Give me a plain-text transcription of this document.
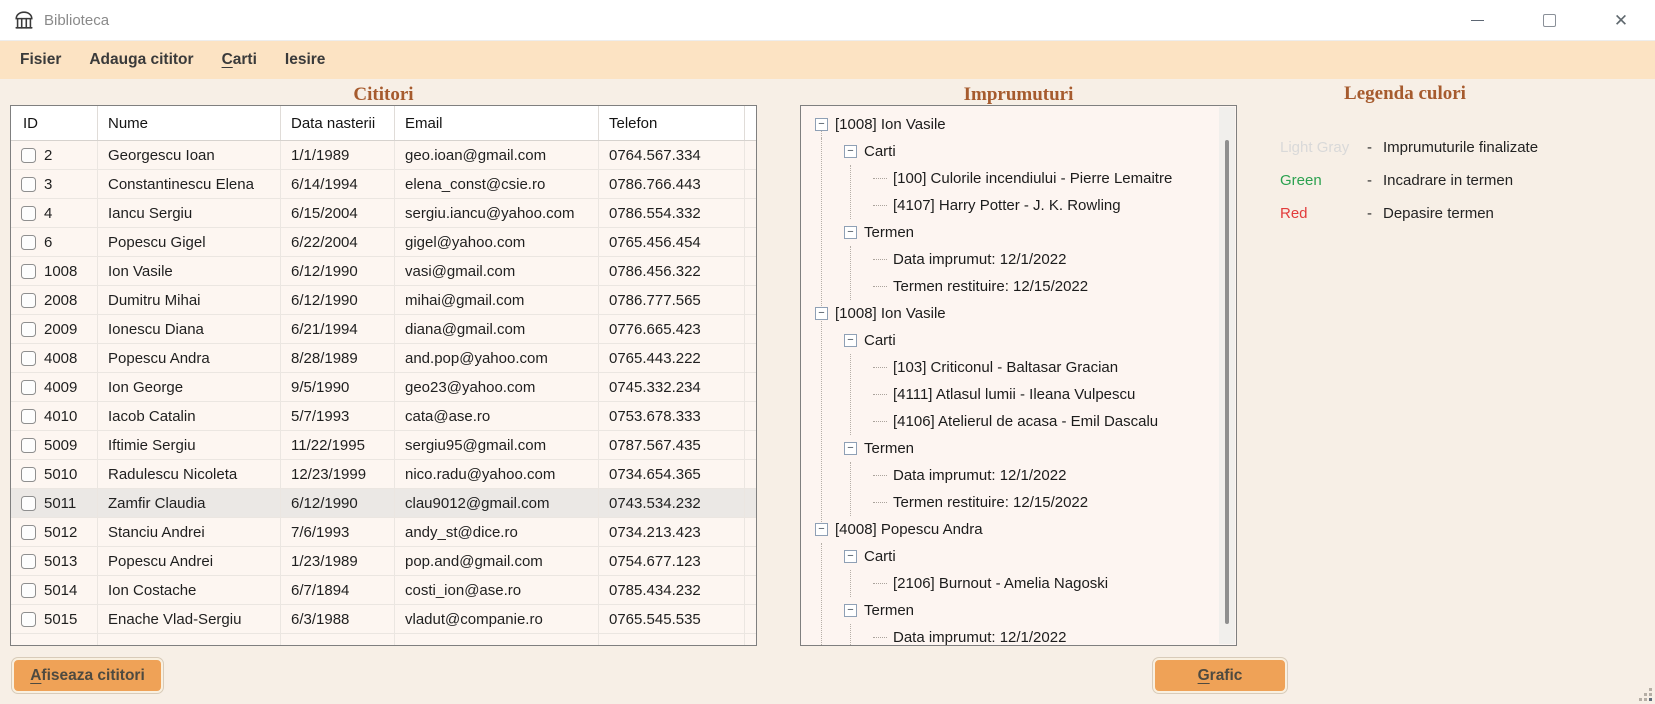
Biblioteca	✕
Fisier Adauga cititor C arti Iesire
Cititori	Imprumuturi
ID	Nume	Data nasterii	Email	Telefon
2	Georgescu Ioan	1/1/1989	geo.ioan@gmail.com	0764.567.334
3	Constantinescu Elena	6/14/1994	elena_const@csie.ro	0786.766.443
4	Iancu Sergiu	6/15/2004	sergiu.iancu@yahoo.com	0786.554.332
6	Popescu Gigel	6/22/2004	gigel@yahoo.com	0765.456.454
1008	Ion Vasile	6/12/1990	vasi@gmail.com	0786.456.322
2008	Dumitru Mihai	6/12/1990	mihai@gmail.com	0786.777.565
2009	Ionescu Diana	6/21/1994	diana@gmail.com	0776.665.423
4008	Popescu Andra	8/28/1989	and.pop@yahoo.com	0765.443.222
4009	Ion George	9/5/1990	geo23@yahoo.com	0745.332.234
4010	Iacob Catalin	5/7/1993	cata@ase.ro	0753.678.333
5009	Iftimie Sergiu	11/22/1995	sergiu95@gmail.com	0787.567.435
5010	Radulescu Nicoleta	12/23/1999	nico.radu@yahoo.com	0734.654.365
5011	Zamfir Claudia	6/12/1990	clau9012@gmail.com	0743.534.232
5012	Stanciu Andrei	7/6/1993	andy_st@dice.ro	0734.213.423
5013	Popescu Andrei	1/23/1989	pop.and@gmail.com	0754.677.123
5014	Ion Costache	6/7/1894	costi_ion@ase.ro	0785.434.232
5015	Enache Vlad-Sergiu	6/3/1988	vladut@companie.ro	0765.545.535
− [1008] Ion Vasile
− Carti
[100] Culorile incendiului - Pierre Lemaitre
[4107] Harry Potter - J. K. Rowling
− Termen
Data imprumut: 12/1/2022
Termen restituire: 12/15/2022
− [1008] Ion Vasile
− Carti
[103] Criticonul - Baltasar Gracian
[4111] Atlasul lumii - Ileana Vulpescu
[4106] Atelierul de acasa - Emil Dascalu
− Termen
Data imprumut: 12/1/2022
Termen restituire: 12/15/2022
− [4008] Popescu Andra
− Carti
[2106] Burnout - Amelia Nagoski
− Termen
Data imprumut: 12/1/2022
Legenda culori
Light Gray	- Imprumuturile finalizate
Green	- Incadrare in termen
Red	- Depasire termen
Afiseaza cititori	Grafic
